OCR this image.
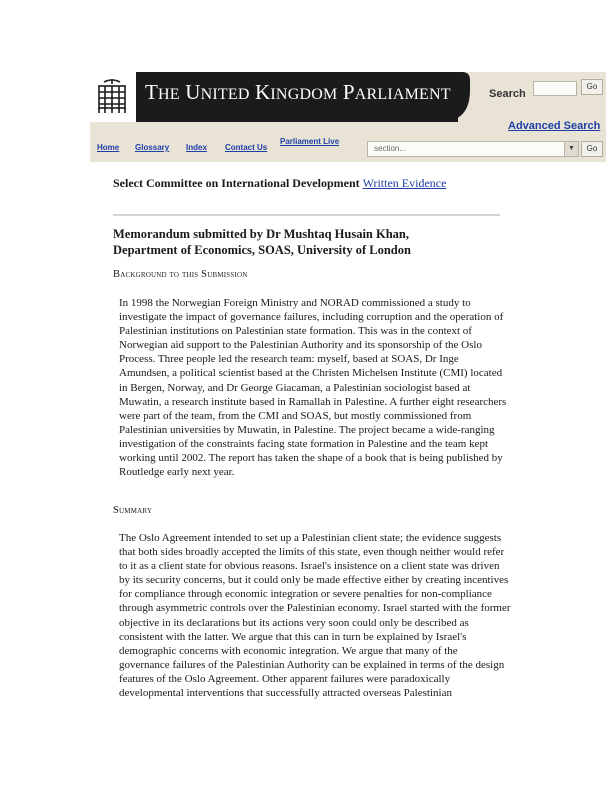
THE UNITED KINGDOM PARLIAMENT	Search
Go
Advanced Search
Home Glossary Index Contact Us
Parliament Live
section...	▼	Go
Select Committee on International Development Written Evidence
Memorandum submitted by Dr Mushtaq Husain Khan,
Department of Economics, SOAS, University of London
Background to this Submission
In 1998 the Norwegian Foreign Ministry and NORAD commissioned a study to investigate the impact of governance failures, including corruption and the operation of Palestinian institutions on Palestinian state formation. This was in the context of Norwegian aid support to the Palestinian Authority and its sponsorship of the Oslo Process. Three people led the research team: myself, based at SOAS, Dr Inge Amundsen, a political scientist based at the Christen Michelsen Institute (CMI) located in Bergen, Norway, and Dr George Giacaman, a Palestinian sociologist based at Muwatin, a research institute based in Ramallah in Palestine. A further eight researchers were part of the team, from the CMI and SOAS, but mostly commissioned from Palestinian universities by Muwatin, in Palestine. The project became a wide-ranging investigation of the constraints facing state formation in Palestine and the team kept working until 2002. The report has taken the shape of a book that is being published by Routledge early next year.
Summary
The Oslo Agreement intended to set up a Palestinian client state; the evidence suggests that both sides broadly accepted the limits of this state, even though neither would refer to it as a client state for obvious reasons. Israel's insistence on a client state was driven by its security concerns, but it could only be made effective either by creating incentives for compliance through economic integration or severe penalties for non-compliance through asymmetric controls over the Palestinian economy. Israel started with the former objective in its declarations but its actions very soon could only be described as consistent with the latter. We argue that this can in turn be explained by Israel's demographic concerns with economic integration. We argue that many of the governance failures of the Palestinian Authority can be explained in terms of the design features of the Oslo Agreement. Other apparent failures were paradoxically developmental interventions that successfully attracted overseas Palestinian
